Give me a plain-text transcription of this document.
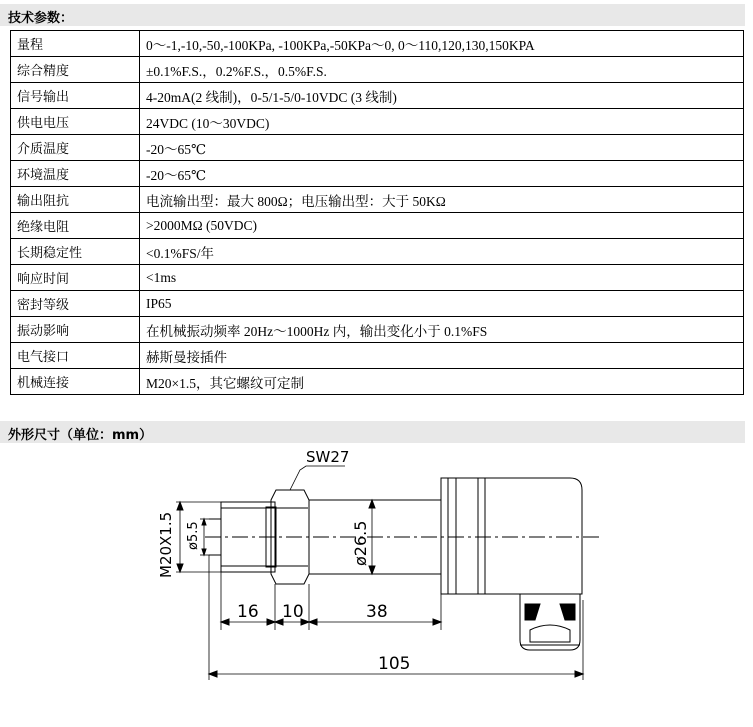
技术参数：
量程	0～-1,-10,-50,-100KPa, -100KPa,-50KPa～0, 0～110,120,130,150KPA
综合精度	±0.1%F.S.，0.2%F.S.，0.5%F.S.
信号输出	4-20mA(2 线制)，0-5/1-5/0-10VDC (3 线制)
供电电压	24VDC (10～30VDC)
介质温度	-20～65℃
环境温度	-20～65℃
输出阻抗	电流输出型：最大 800Ω；电压输出型：大于 50KΩ
绝缘电阻	>2000MΩ (50VDC)
长期稳定性	<0.1%FS/年
响应时间	<1ms
密封等级	IP65
振动影响	在机械振动频率 20Hz～1000Hz 内，输出变化小于 0.1%FS
电气接口	赫斯曼接插件
机械连接	M20×1.5，其它螺纹可定制
外形尺寸（单位：mm）
M20X1.5 ø5.5	ø26.5
SW27
16 10	38
105
